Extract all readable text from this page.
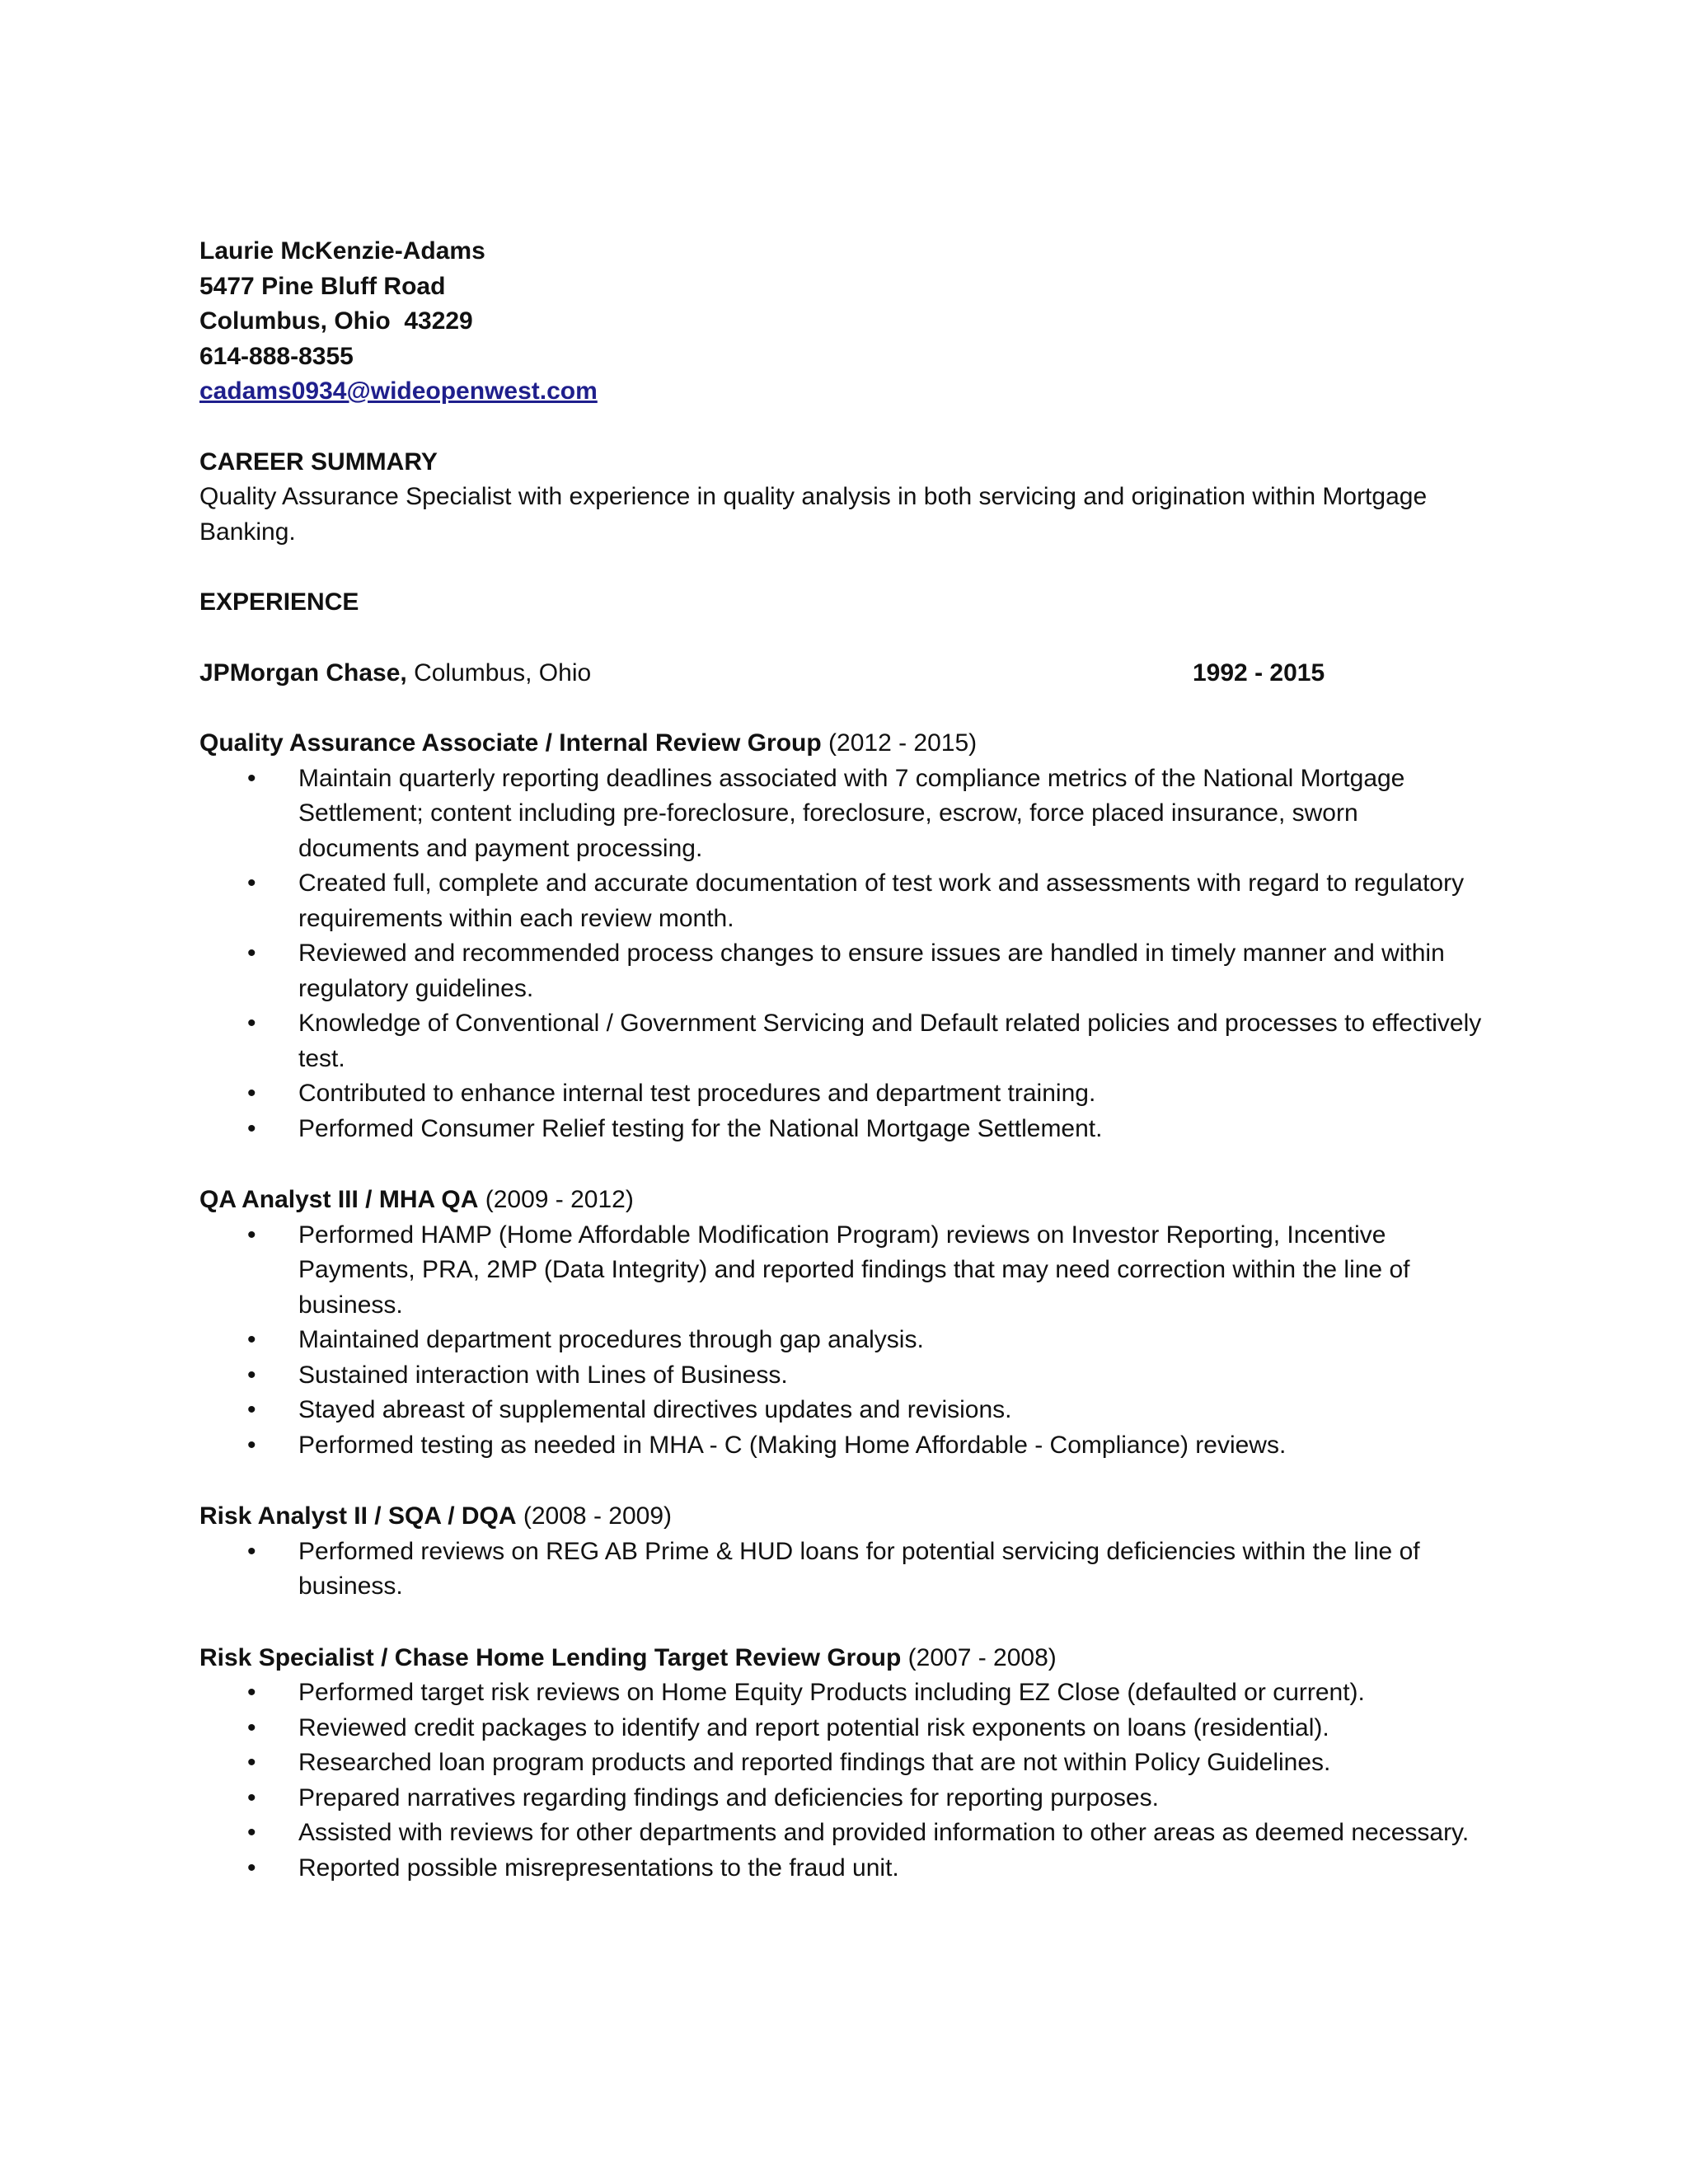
Laurie McKenzie-Adams
5477 Pine Bluff Road
Columbus, Ohio  43229
614-888-8355
cadams0934@wideopenwest.com
CAREER SUMMARY
Quality Assurance Specialist with experience in quality analysis in both servicing and origination within Mortgage Banking.
EXPERIENCE
JPMorgan Chase, Columbus, Ohio	1992 - 2015
Quality Assurance Associate / Internal Review Group (2012 - 2015)
• Maintain quarterly reporting deadlines associated with 7 compliance metrics of the National Mortgage Settlement; content including pre-foreclosure, foreclosure, escrow, force placed insurance, sworn documents and payment processing.
• Created full, complete and accurate documentation of test work and assessments with regard to regulatory requirements within each review month.
• Reviewed and recommended process changes to ensure issues are handled in timely manner and within regulatory guidelines.
• Knowledge of Conventional / Government Servicing and Default related policies and processes to effectively test.
• Contributed to enhance internal test procedures and department training.
• Performed Consumer Relief testing for the National Mortgage Settlement.
QA Analyst III / MHA QA (2009 - 2012)
• Performed HAMP (Home Affordable Modification Program) reviews on Investor Reporting, Incentive Payments, PRA, 2MP (Data Integrity) and reported findings that may need correction within the line of business.
• Maintained department procedures through gap analysis.
• Sustained interaction with Lines of Business.
• Stayed abreast of supplemental directives updates and revisions.
• Performed testing as needed in MHA - C (Making Home Affordable - Compliance) reviews.
Risk Analyst II / SQA / DQA (2008 - 2009)
• Performed reviews on REG AB Prime & HUD loans for potential servicing deficiencies within the line of business.
Risk Specialist / Chase Home Lending Target Review Group (2007 - 2008)
• Performed target risk reviews on Home Equity Products including EZ Close (defaulted or current).
• Reviewed credit packages to identify and report potential risk exponents on loans (residential).
• Researched loan program products and reported findings that are not within Policy Guidelines.
• Prepared narratives regarding findings and deficiencies for reporting purposes.
• Assisted with reviews for other departments and provided information to other areas as deemed necessary.
• Reported possible misrepresentations to the fraud unit.
